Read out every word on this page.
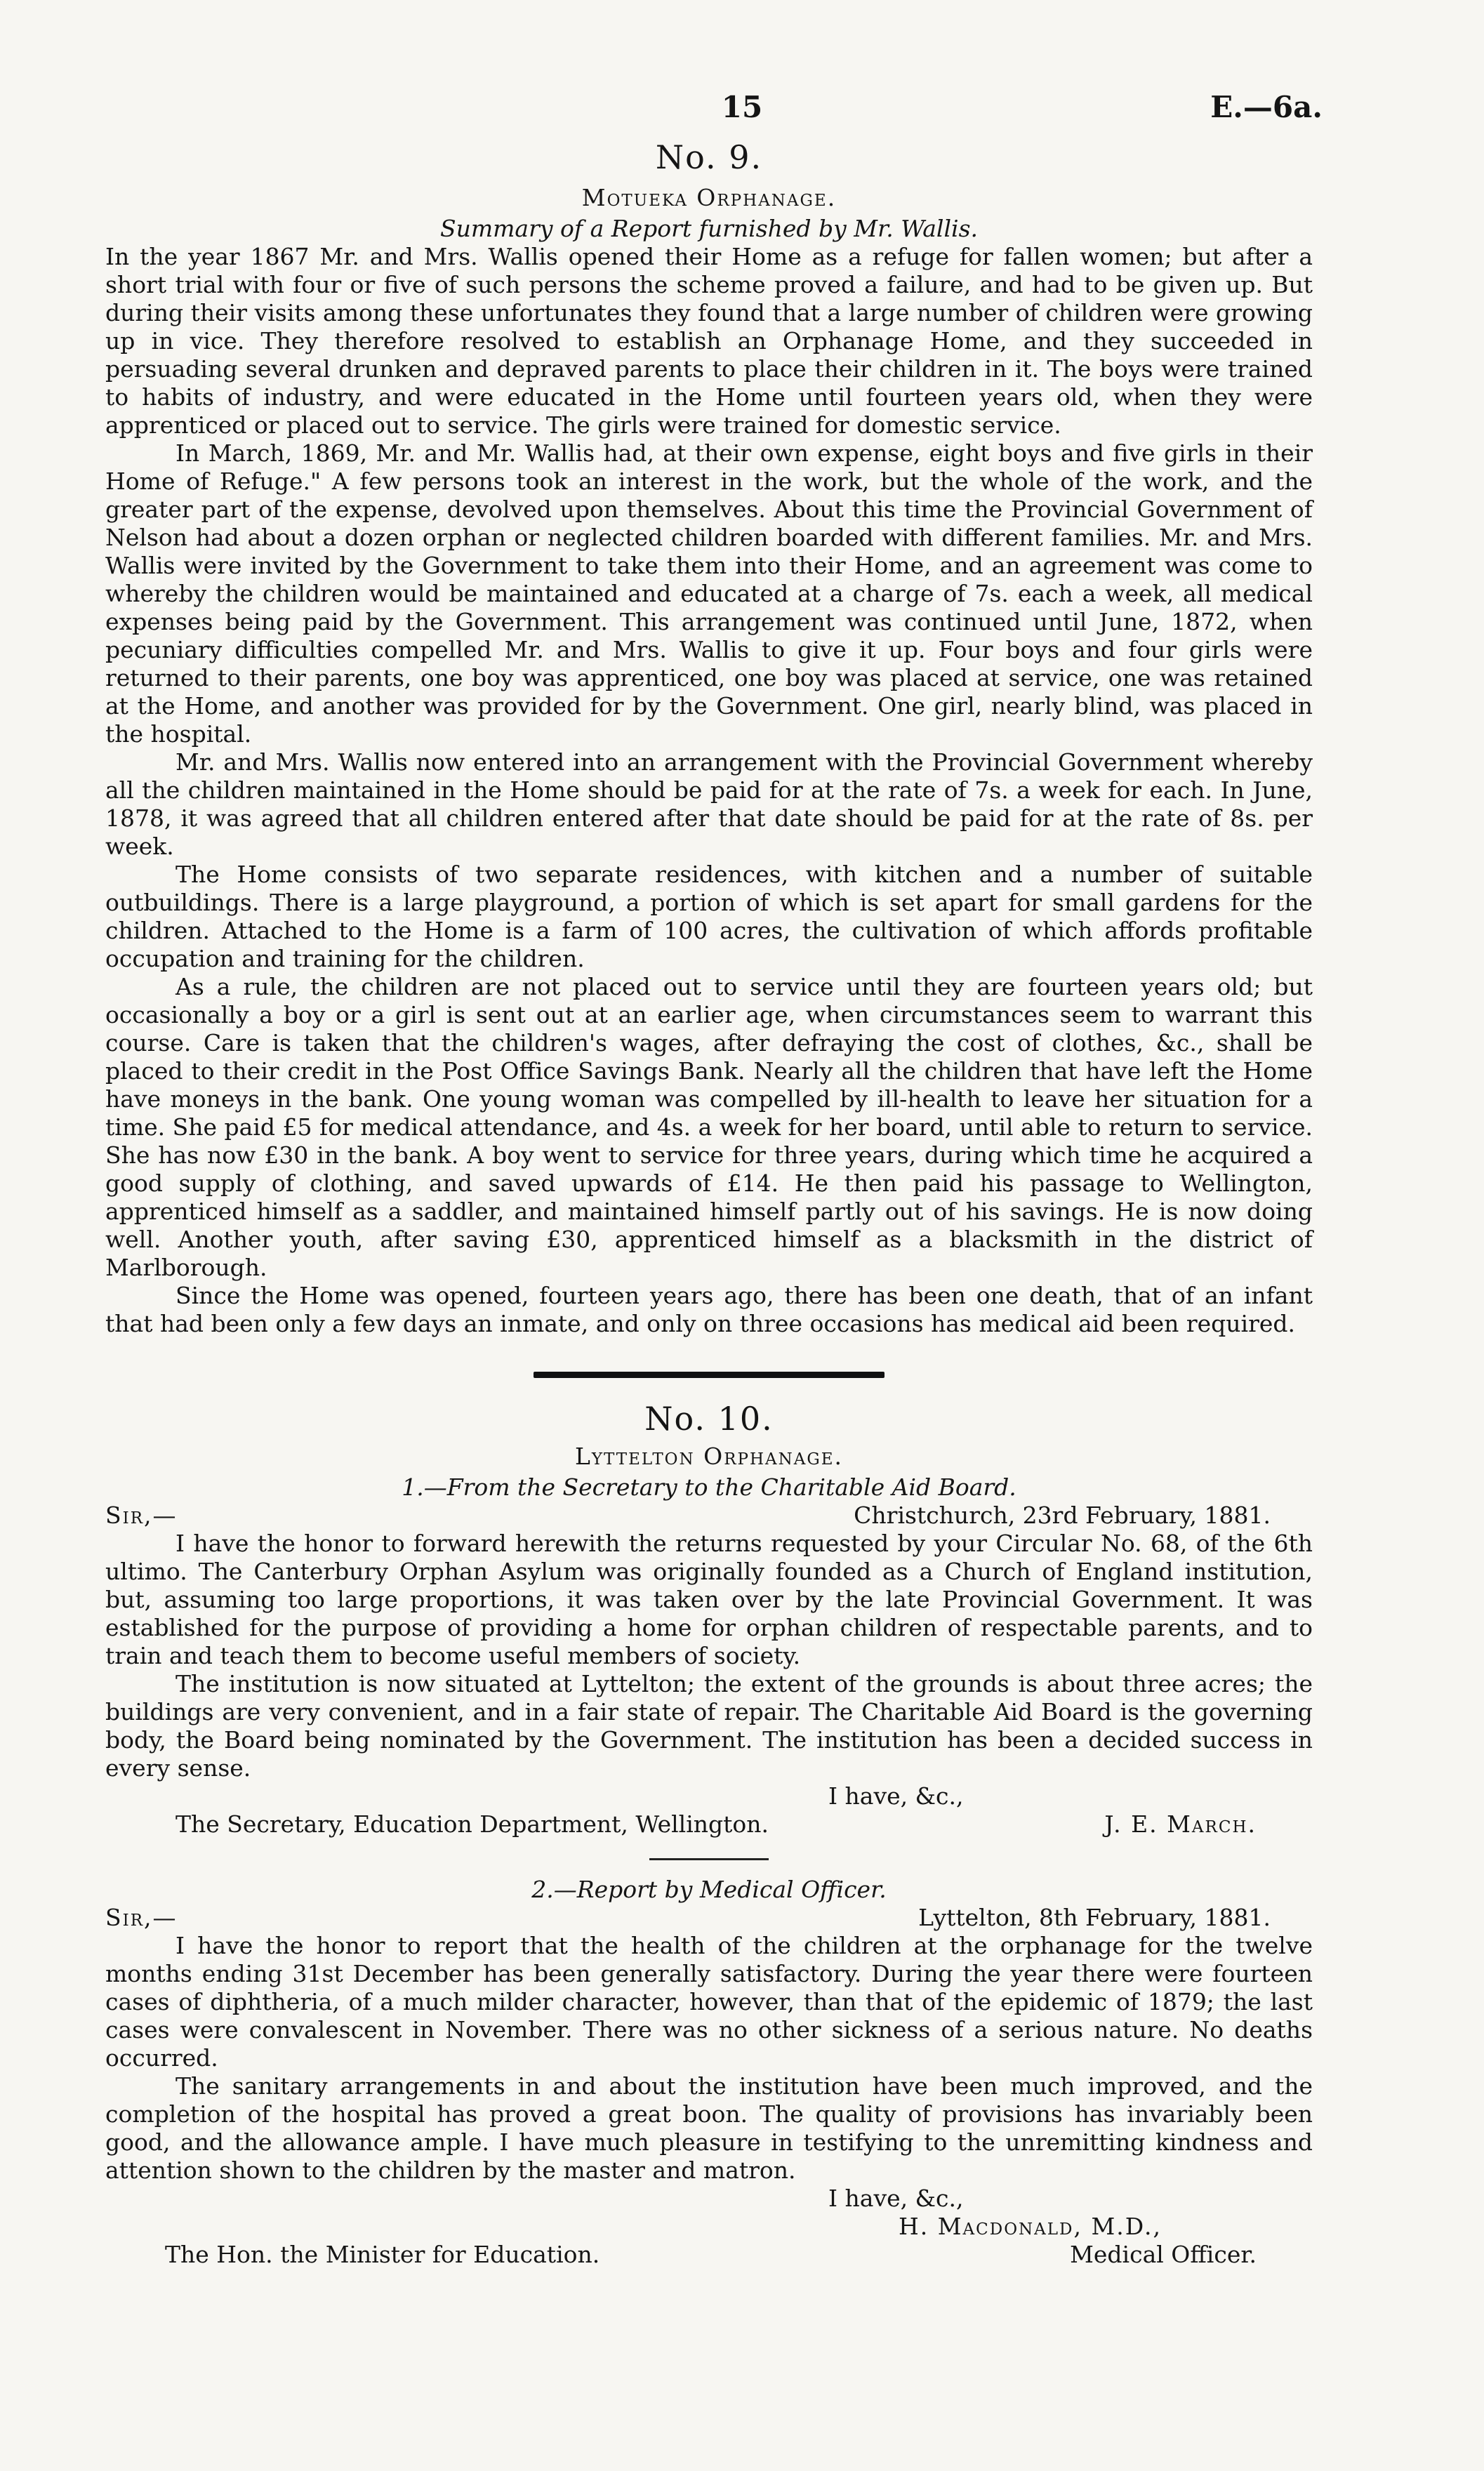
15	E.—6a.
No. 9.
Motueka Orphanage.
Summary of a Report furnished by Mr. Wallis.

In the year 1867 Mr. and Mrs. Wallis opened their Home as a refuge for fallen women; but after a short trial with four or five of such persons the scheme proved a failure, and had to be given up. But during their visits among these unfortunates they found that a large number of children were growing up in vice. They therefore resolved to establish an Orphanage Home, and they succeeded in persuading several drunken and depraved parents to place their children in it. The boys were trained to habits of industry, and were educated in the Home until fourteen years old, when they were apprenticed or placed out to service. The girls were trained for domestic service.

In March, 1869, Mr. and Mr. Wallis had, at their own expense, eight boys and five girls in their Home of Refuge." A few persons took an interest in the work, but the whole of the work, and the greater part of the expense, devolved upon themselves. About this time the Provincial Government of Nelson had about a dozen orphan or neglected children boarded with different families. Mr. and Mrs. Wallis were invited by the Government to take them into their Home, and an agreement was come to whereby the children would be maintained and educated at a charge of 7s. each a week, all medical expenses being paid by the Government. This arrangement was continued until June, 1872, when pecuniary difficulties compelled Mr. and Mrs. Wallis to give it up. Four boys and four girls were returned to their parents, one boy was apprenticed, one boy was placed at service, one was retained at the Home, and another was provided for by the Government. One girl, nearly blind, was placed in the hospital.

Mr. and Mrs. Wallis now entered into an arrangement with the Provincial Government whereby all the children maintained in the Home should be paid for at the rate of 7s. a week for each. In June, 1878, it was agreed that all children entered after that date should be paid for at the rate of 8s. per week.

The Home consists of two separate residences, with kitchen and a number of suitable outbuildings. There is a large playground, a portion of which is set apart for small gardens for the children. Attached to the Home is a farm of 100 acres, the cultivation of which affords profitable occupation and training for the children.

As a rule, the children are not placed out to service until they are fourteen years old; but occasionally a boy or a girl is sent out at an earlier age, when circumstances seem to warrant this course. Care is taken that the children's wages, after defraying the cost of clothes, &c., shall be placed to their credit in the Post Office Savings Bank. Nearly all the children that have left the Home have moneys in the bank. One young woman was compelled by ill-health to leave her situation for a time. She paid £5 for medical attendance, and 4s. a week for her board, until able to return to service. She has now £30 in the bank. A boy went to service for three years, during which time he acquired a good supply of clothing, and saved upwards of £14. He then paid his passage to Wellington, apprenticed himself as a saddler, and maintained himself partly out of his savings. He is now doing well. Another youth, after saving £30, apprenticed himself as a blacksmith in the district of Marlborough.

Since the Home was opened, fourteen years ago, there has been one death, that of an infant that had been only a few days an inmate, and only on three occasions has medical aid been required.

No. 10.
Lyttelton Orphanage.
1.—From the Secretary to the Charitable Aid Board.
Sir,—	Christchurch, 23rd February, 1881.

I have the honor to forward herewith the returns requested by your Circular No. 68, of the 6th ultimo. The Canterbury Orphan Asylum was originally founded as a Church of England institution, but, assuming too large proportions, it was taken over by the late Provincial Government. It was established for the purpose of providing a home for orphan children of respectable parents, and to train and teach them to become useful members of society.

The institution is now situated at Lyttelton; the extent of the grounds is about three acres; the buildings are very convenient, and in a fair state of repair. The Charitable Aid Board is the governing body, the Board being nominated by the Government. The institution has been a decided success in every sense.

I have, &c.,
The Secretary, Education Department, Wellington.	J. E. March.
2.—Report by Medical Officer.
Sir,—	Lyttelton, 8th February, 1881.

I have the honor to report that the health of the children at the orphanage for the twelve months ending 31st December has been generally satisfactory. During the year there were fourteen cases of diphtheria, of a much milder character, however, than that of the epidemic of 1879; the last cases were convalescent in November. There was no other sickness of a serious nature. No deaths occurred.

The sanitary arrangements in and about the institution have been much improved, and the completion of the hospital has proved a great boon. The quality of provisions has invariably been good, and the allowance ample. I have much pleasure in testifying to the unremitting kindness and attention shown to the children by the master and matron.

I have, &c.,
H. Macdonald, M.D.,
The Hon. the Minister for Education.	Medical Officer.
